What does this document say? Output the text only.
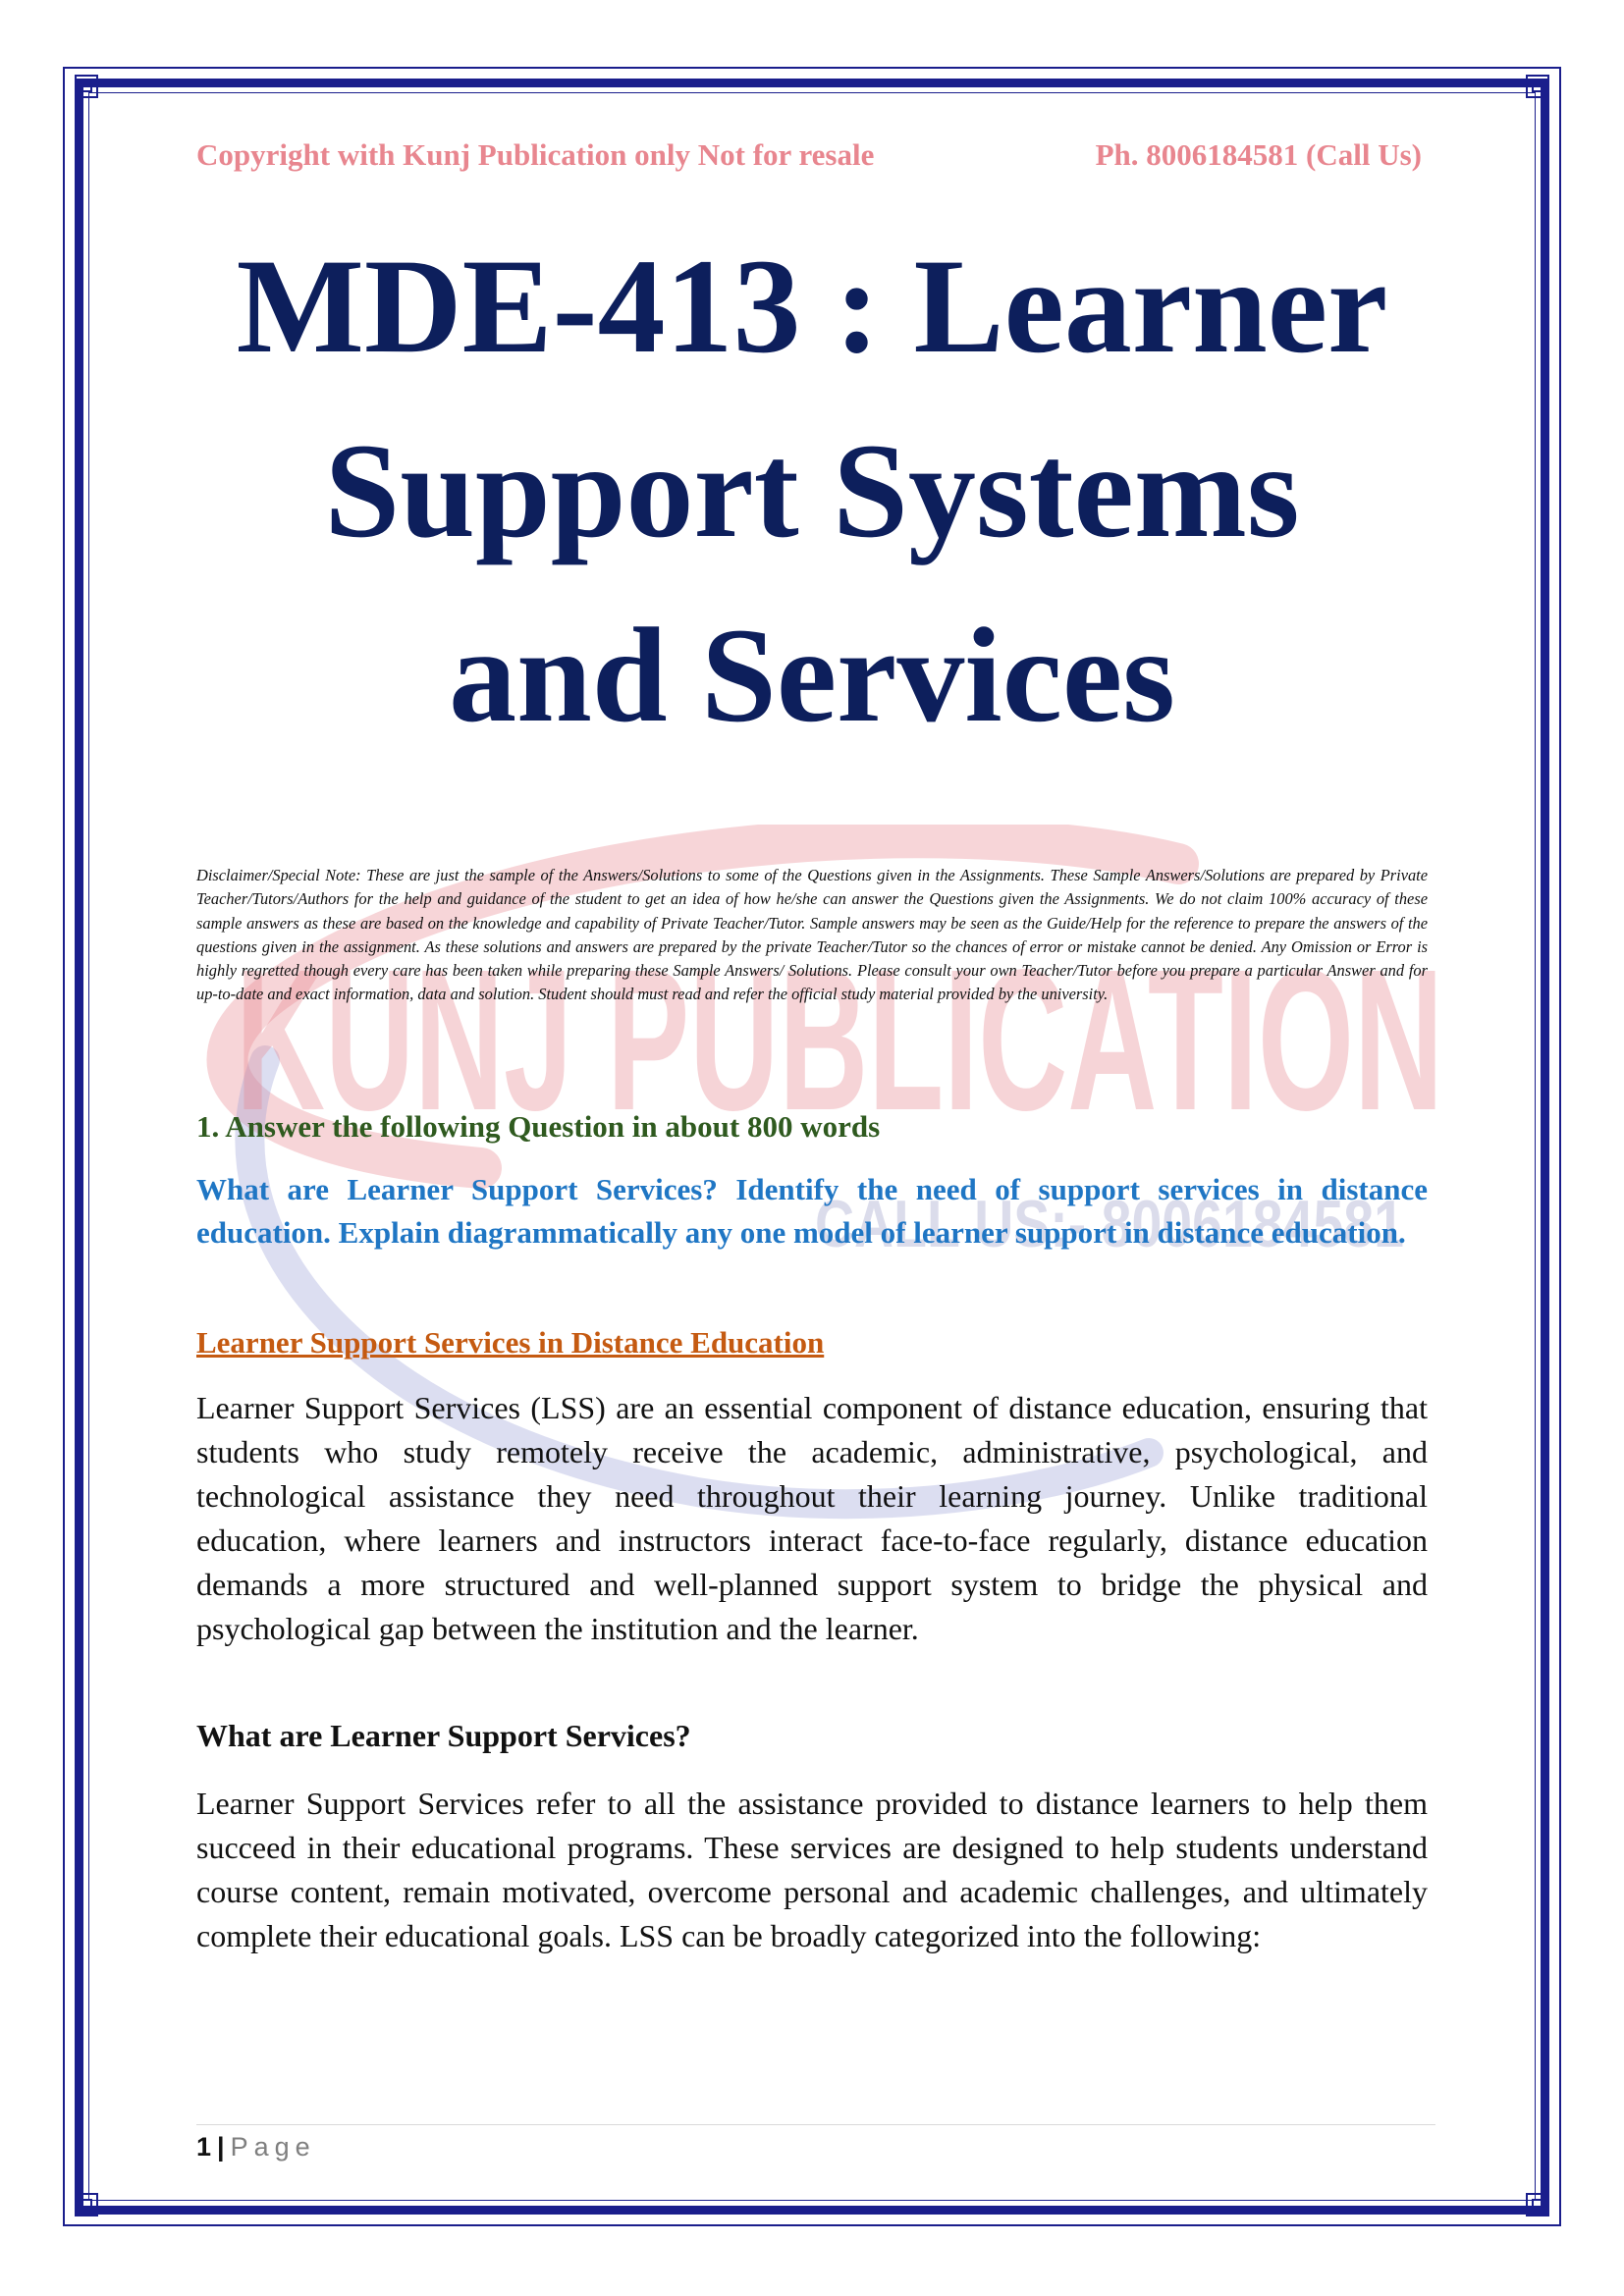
KUNJ PUBLICATION
CALL US:- 8006184581
Copyright with Kunj Publication only Not for resale	Ph. 8006184581 (Call Us)
MDE-413 : Learner
Support Systems
and Services
Disclaimer/Special Note: These are just the sample of the Answers/Solutions to some of the Questions given in the Assignments. These Sample Answers/Solutions are prepared by Private Teacher/Tutors/Authors for the help and guidance of the student to get an idea of how he/she can answer the Questions given the Assignments. We do not claim 100% accuracy of these sample answers as these are based on the knowledge and capability of Private Teacher/Tutor. Sample answers may be seen as the Guide/Help for the reference to prepare the answers of the questions given in the assignment. As these solutions and answers are prepared by the private Teacher/Tutor so the chances of error or mistake cannot be denied. Any Omission or Error is highly regretted though every care has been taken while preparing these Sample Answers/ Solutions. Please consult your own Teacher/Tutor before you prepare a particular Answer and for up-to-date and exact information, data and solution. Student should must read and refer the official study material provided by the university.
1. Answer the following Question in about 800 words
What are Learner Support Services? Identify the need of support services in distance education. Explain diagrammatically any one model of learner support in distance education.
Learner Support Services in Distance Education
Learner Support Services (LSS) are an essential component of distance education, ensuring that students who study remotely receive the academic, administrative, psychological, and technological assistance they need throughout their learning journey. Unlike traditional education, where learners and instructors interact face-to-face regularly, distance education demands a more structured and well-planned support system to bridge the physical and psychological gap between the institution and the learner.
What are Learner Support Services?
Learner Support Services refer to all the assistance provided to distance learners to help them succeed in their educational programs. These services are designed to help students understand course content, remain motivated, overcome personal and academic challenges, and ultimately complete their educational goals. LSS can be broadly categorized into the following:
1 | Page
